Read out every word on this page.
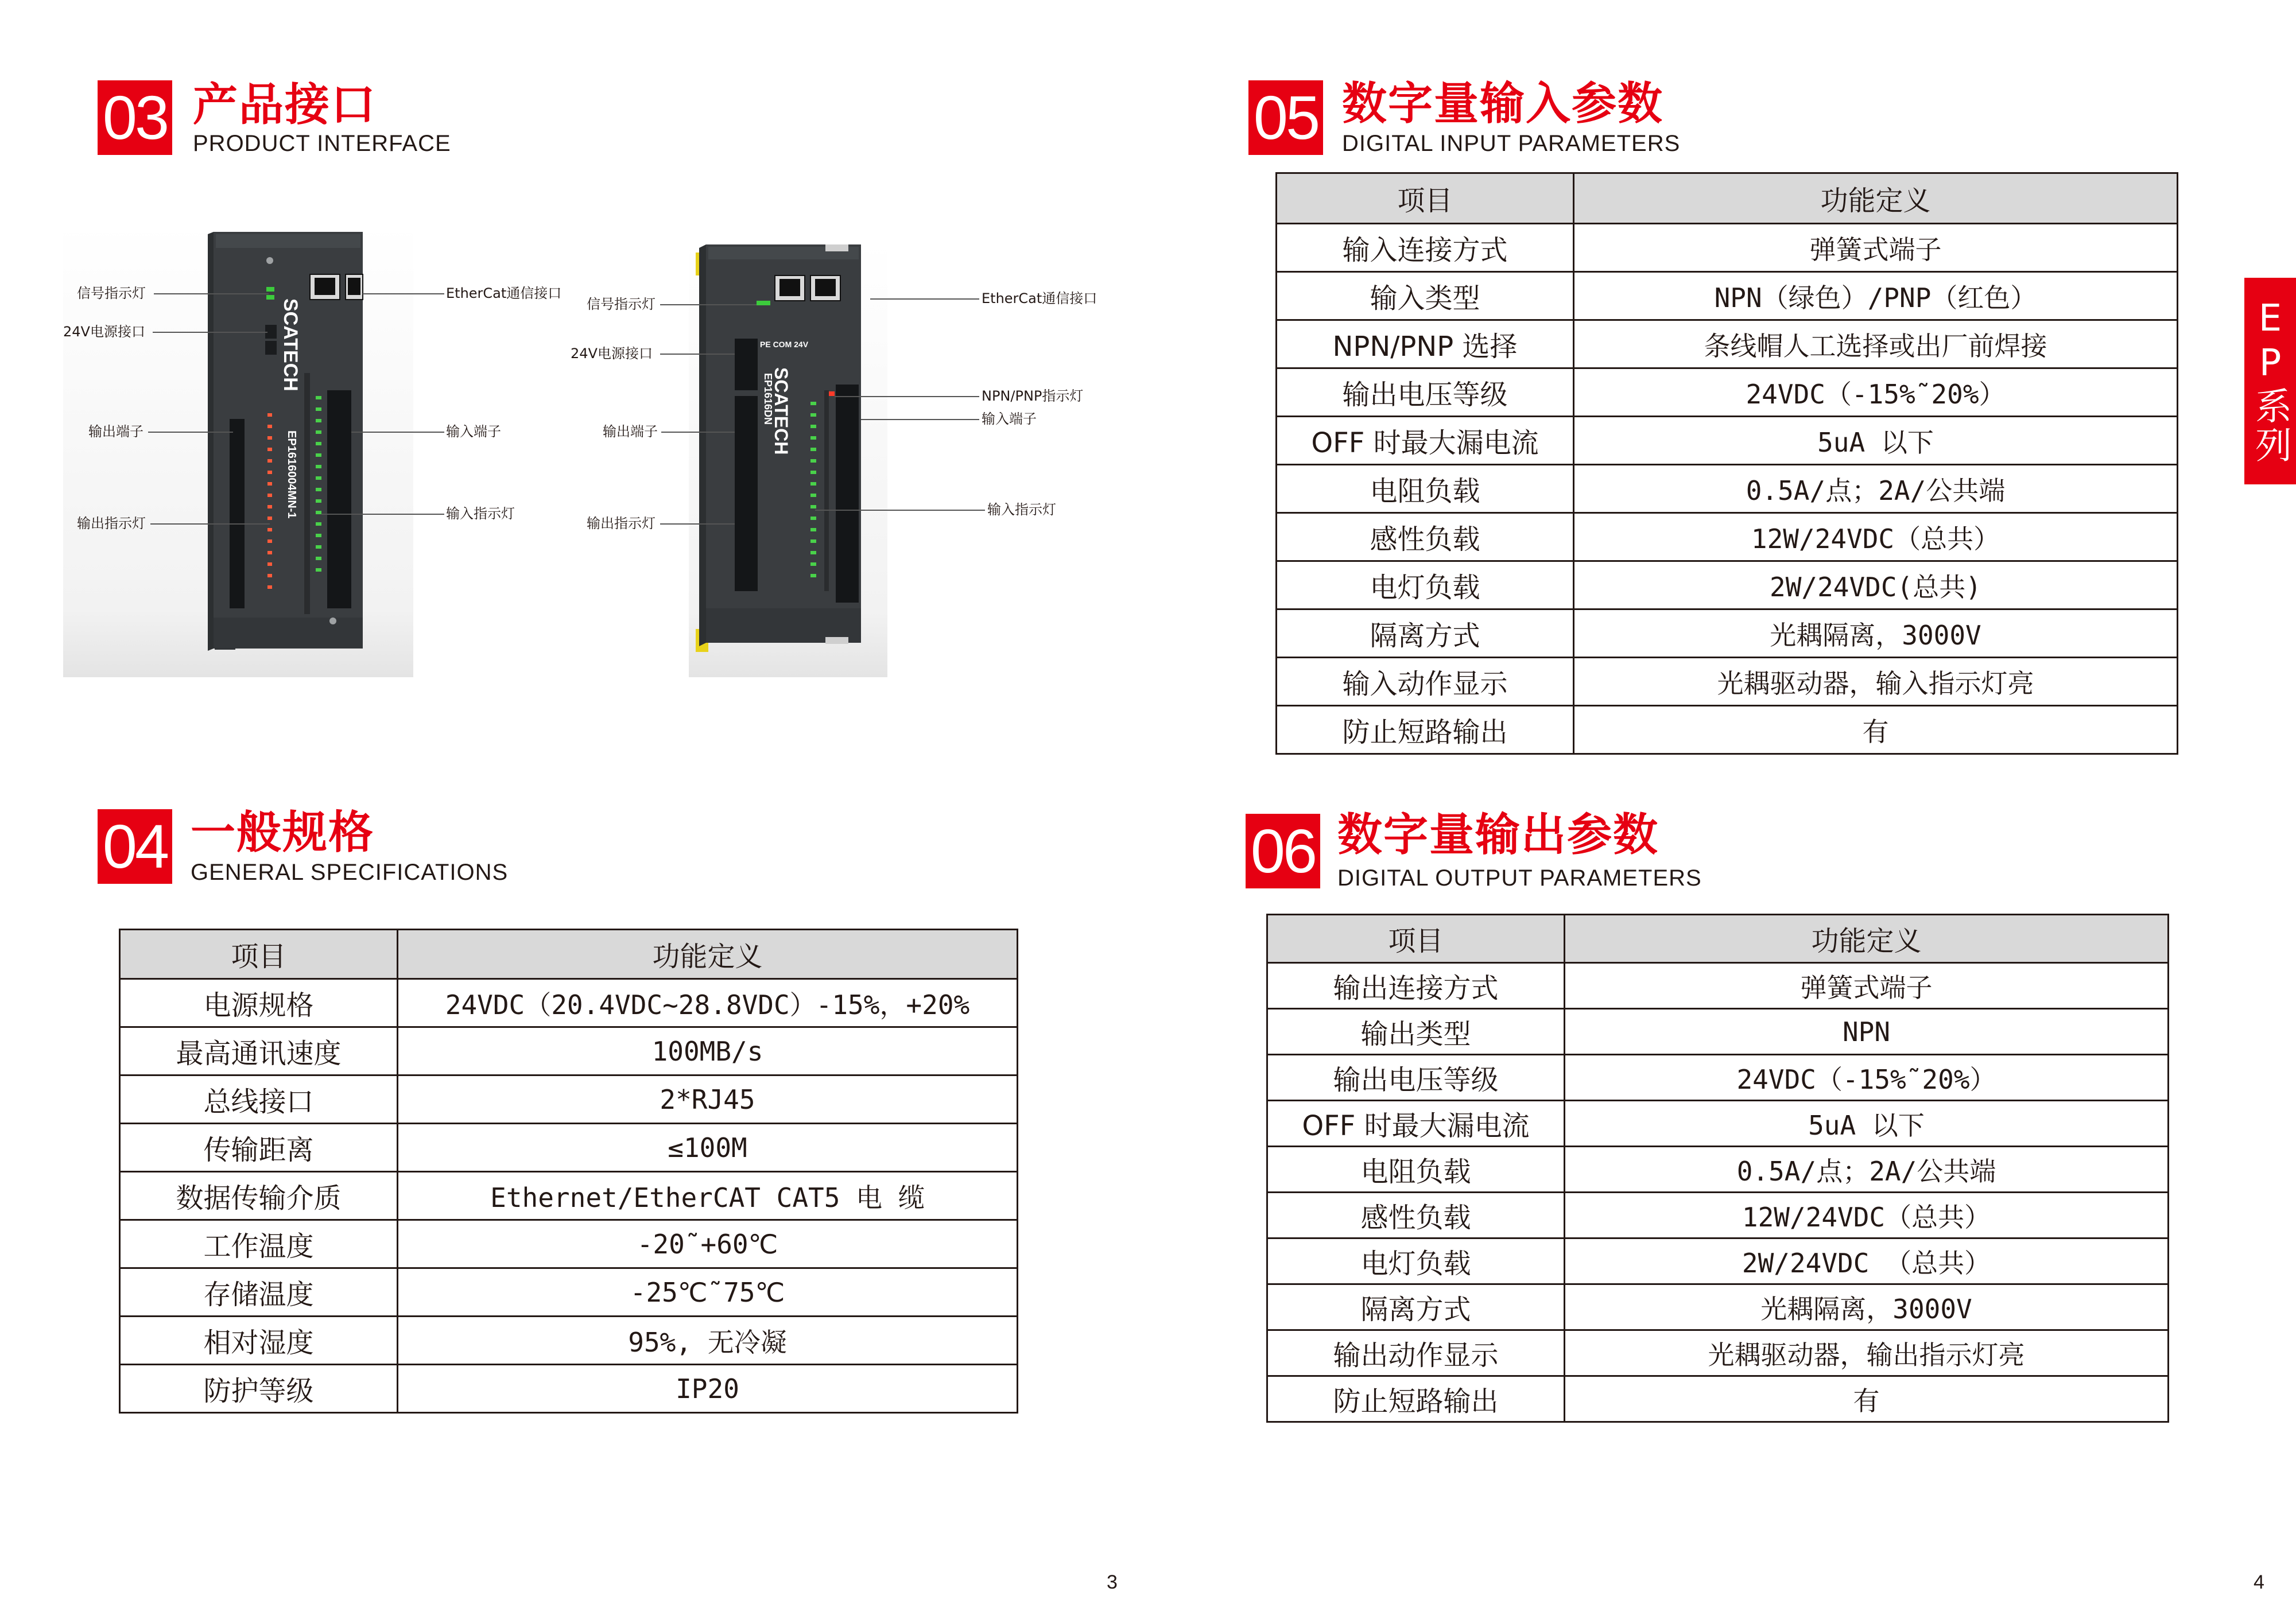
03 产品接口
PRODUCT INTERFACE
SCATECH
EP1616004MN-1
信号指示灯
24V电源接口
输出端子
输出指示灯
EtherCat通信接口
输入端子
输入指示灯
PE COM 24V
SCATECH
EP1616DN
信号指示灯
24V电源接口
输出端子
输出指示灯
EtherCat通信接口
NPN/PNP指示灯
输入端子
输入指示灯
04 一般规格
GENERAL SPECIFICATIONS
项目	功能定义
电源规格	24VDC（20.4VDC~28.8VDC）-15%，+20%
最高通讯速度	100MB/s
总线接口	2*RJ45
传输距离	≤100M
数据传输介质	Ethernet/EtherCAT CAT5 电 缆
工作温度	-20˜+60℃
存储温度	-25℃˜75℃
相对湿度	95%, 无冷凝
防护等级	IP20
05 数字量输入参数
DIGITAL INPUT PARAMETERS
项目	功能定义
输入连接方式	弹簧式端子
输入类型	NPN（绿色）/PNP（红色）
NPN/PNP 选择	条线帽人工选择或出厂前焊接
输出电压等级	24VDC（-15%˜20%）
OFF 时最大漏电流	5uA 以下
电阻负载	0.5A/点；2A/公共端
感性负载	12W/24VDC（总共）
电灯负载	2W/24VDC(总共)
隔离方式	光耦隔离，3000V
输入动作显示	光耦驱动器，输入指示灯亮
防止短路输出	有
06 数字量输出参数
DIGITAL OUTPUT PARAMETERS
项目	功能定义
输出连接方式	弹簧式端子
输出类型	NPN
输出电压等级	24VDC（-15%˜20%）
OFF 时最大漏电流	5uA 以下
电阻负载	0.5A/点；2A/公共端
感性负载	12W/24VDC（总共）
电灯负载	2W/24VDC （总共）
隔离方式	光耦隔离，3000V
输出动作显示	光耦驱动器，输出指示灯亮
防止短路输出	有
EP系列
3	4
